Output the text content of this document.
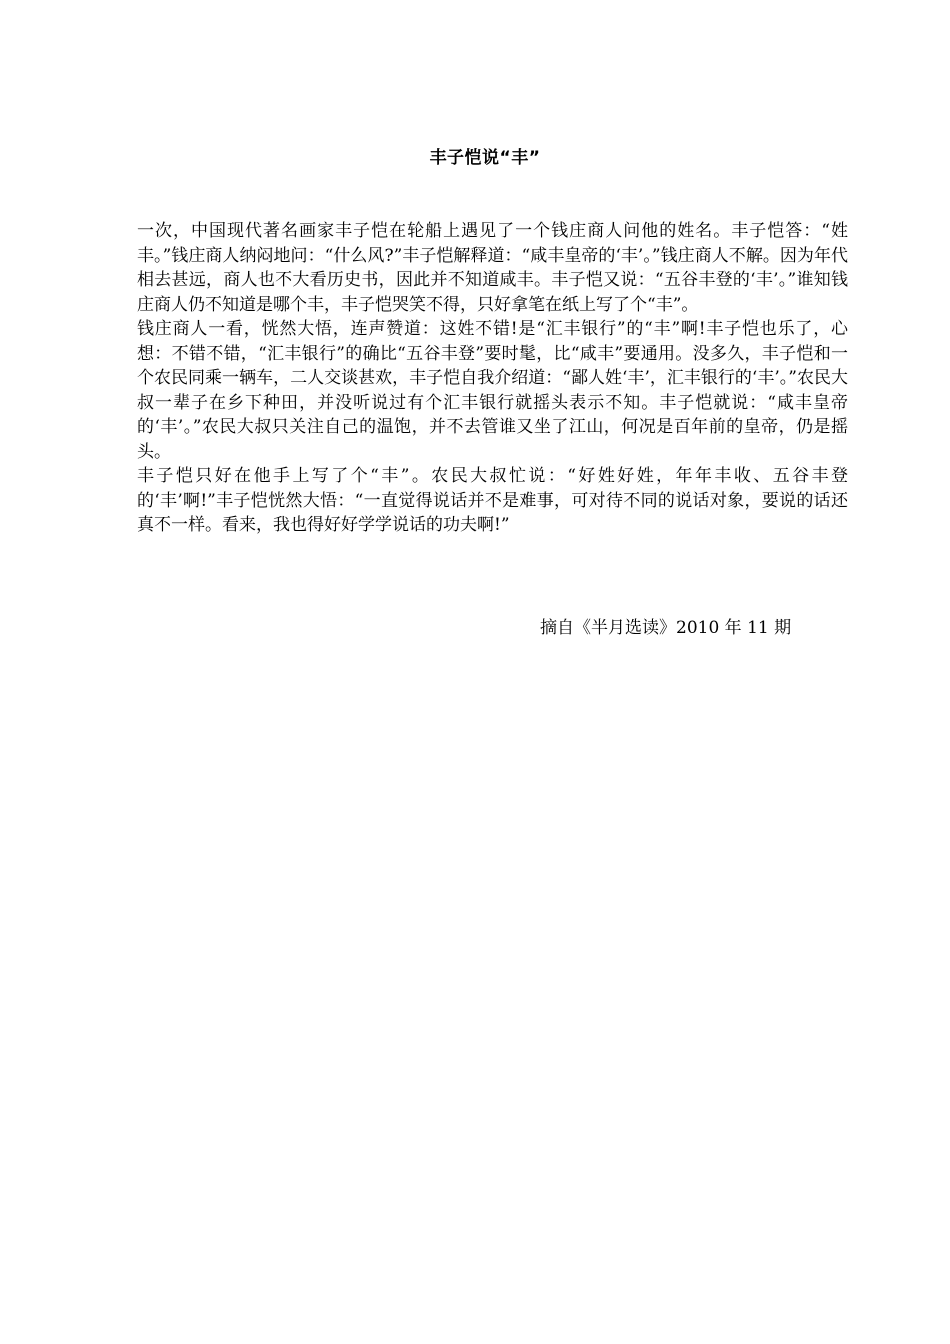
丰子恺说“丰”

一次，中国现代著名画家丰子恺在轮船上遇见了一个钱庄商人问他的姓名。丰子恺答：“姓丰。”钱庄商人纳闷地问：“什么风?”丰子恺解释道：“咸丰皇帝的‘丰’。”钱庄商人不解。因为年代相去甚远，商人也不大看历史书，因此并不知道咸丰。丰子恺又说：“五谷丰登的‘丰’。”谁知钱庄商人仍不知道是哪个丰，丰子恺哭笑不得，只好拿笔在纸上写了个“丰”。

钱庄商人一看，恍然大悟，连声赞道：这姓不错!是“汇丰银行”的“丰”啊!丰子恺也乐了，心想：不错不错，“汇丰银行”的确比“五谷丰登”要时髦，比“咸丰”要通用。没多久，丰子恺和一个农民同乘一辆车，二人交谈甚欢，丰子恺自我介绍道：“鄙人姓‘丰’，汇丰银行的‘丰’。”农民大叔一辈子在乡下种田，并没听说过有个汇丰银行就摇头表示不知。丰子恺就说：“咸丰皇帝的‘丰’。”农民大叔只关注自己的温饱，并不去管谁又坐了江山，何况是百年前的皇帝，仍是摇头。

丰子恺只好在他手上写了个“丰”。农民大叔忙说：“好姓好姓，年年丰收、五谷丰登的‘丰’啊!”丰子恺恍然大悟：“一直觉得说话并不是难事，可对待不同的说话对象，要说的话还真不一样。看来，我也得好好学学说话的功夫啊!”

摘自《半月选读》2010 年 11 期
